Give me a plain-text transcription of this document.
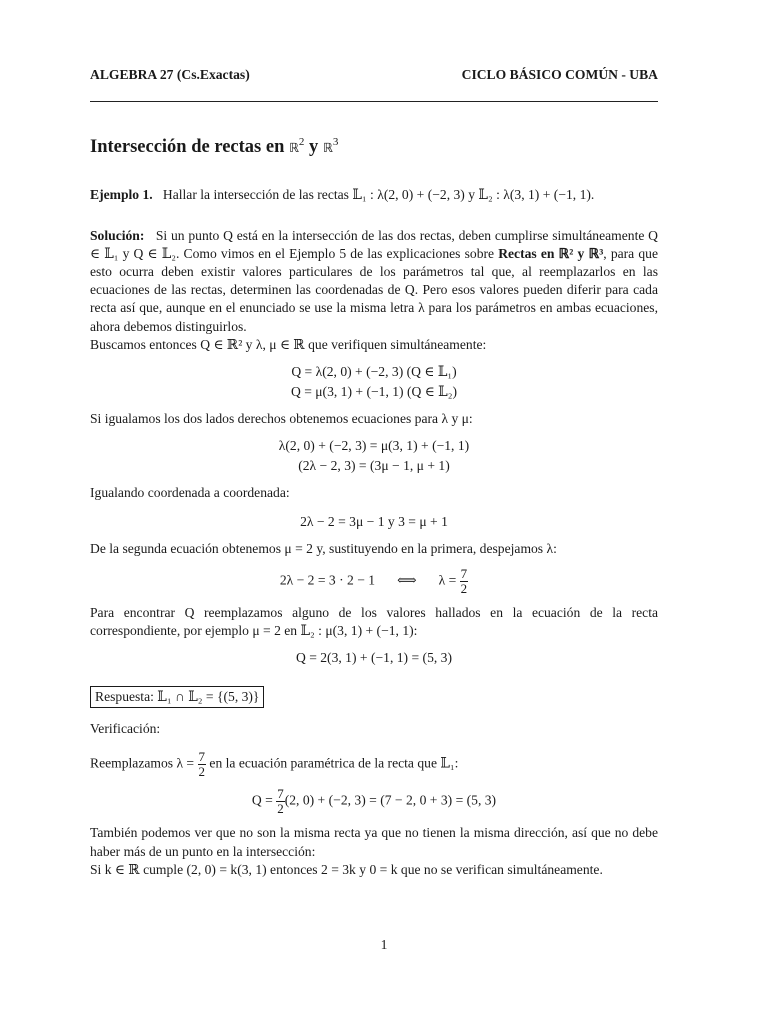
ALGEBRA 27 (Cs.Exactas)	CICLO BÁSICO COMÚN - UBA
Intersección de rectas en ℝ$^2$ y ℝ$^3$

Ejemplo 1. Hallar la intersección de las rectas 𝕃₁ : λ(2, 0) + (−2, 3) y 𝕃₂ : λ(3, 1) + (−1, 1).

Solución: Si un punto Q está en la intersección de las dos rectas, deben cumplirse simultáneamente Q ∈ 𝕃₁ y Q ∈ 𝕃₂. Como vimos en el Ejemplo 5 de las explicaciones sobre Rectas en ℝ² y ℝ³, para que esto ocurra deben existir valores particulares de los parámetros tal que, al reemplazarlos en las ecuaciones de las rectas, determinen las coordenadas de Q. Pero esos valores pueden diferir para cada recta así que, aunque en el enunciado se use la misma letra λ para los parámetros en ambas ecuaciones, ahora debemos distinguirlos.

Buscamos entonces Q ∈ ℝ² y λ, μ ∈ ℝ que verifiquen simultáneamente:

Q = λ(2, 0) + (−2, 3) (Q ∈ 𝕃₁)
Q = μ(3, 1) + (−1, 1) (Q ∈ 𝕃₂)

Si igualamos los dos lados derechos obtenemos ecuaciones para λ y μ:

λ(2, 0) + (−2, 3) = μ(3, 1) + (−1, 1)
(2λ − 2, 3) = (3μ − 1, μ + 1)

Igualando coordenada a coordenada:

2λ − 2 = 3μ − 1 y 3 = μ + 1

De la segunda ecuación obtenemos μ = 2 y, sustituyendo en la primera, despejamos λ:

2λ − 2 = 3 · 2 − 1 ⟺ $\lambda = \frac{7}{2}$

Para encontrar Q reemplazamos alguno de los valores hallados en la ecuación de la recta correspondiente, por ejemplo μ = 2 en 𝕃₂ : μ(3, 1) + (−1, 1):

Q = 2(3, 1) + (−1, 1) = (5, 3)
Respuesta: 𝕃₁ ∩ 𝕃₂ = {(5, 3)}

Verificación:

Reemplazamos $\lambda = \frac{7}{2}$ en la ecuación paramétrica de la recta que 𝕃₁:

$Q = \frac{7}{2} (2$, 0) + (−2, 3) = (7 − 2, 0 + 3) = (5, 3)

También podemos ver que no son la misma recta ya que no tienen la misma dirección, así que no debe haber más de un punto en la intersección:

Si k ∈ ℝ cumple (2, 0) = k(3, 1) entonces 2 = 3k y 0 = k que no se verifican simultáneamente.

1
